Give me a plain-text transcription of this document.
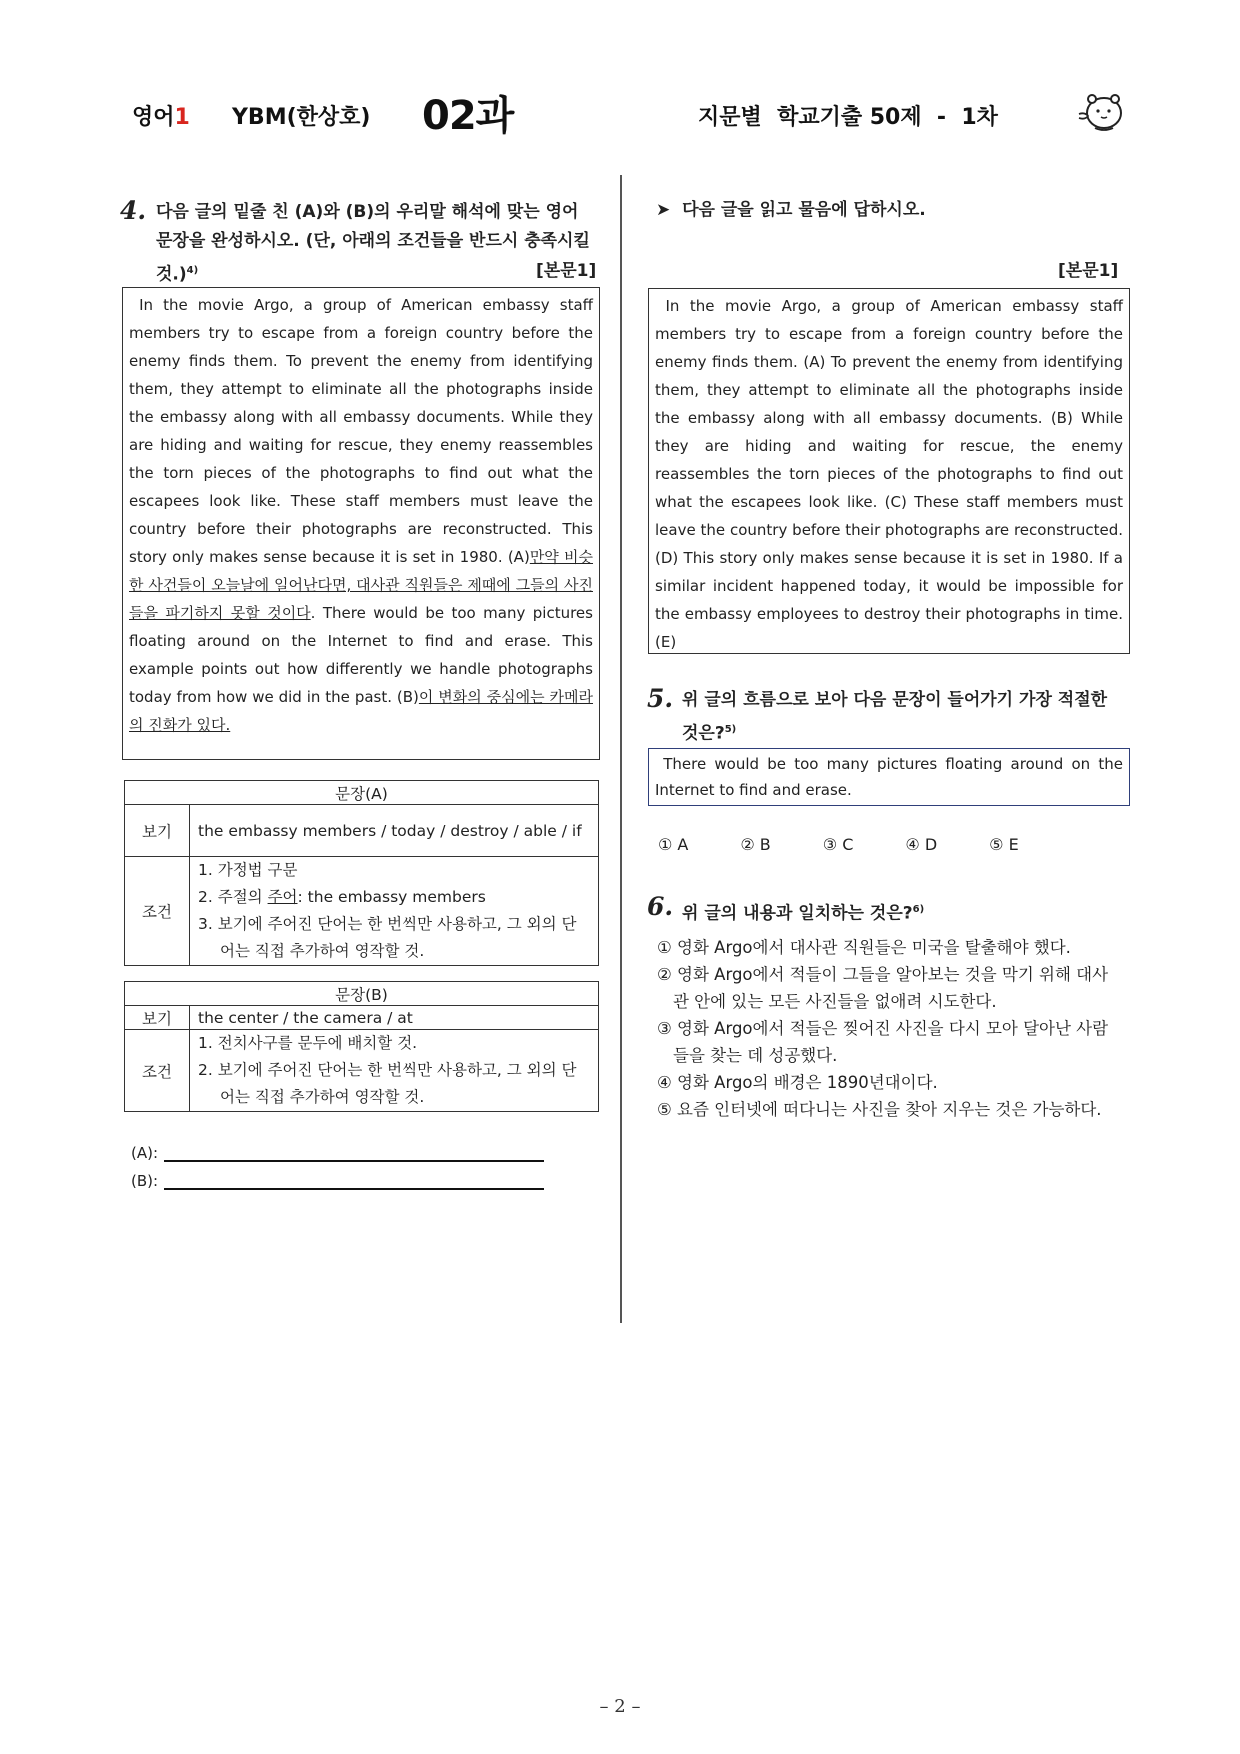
영어1 YBM(한상호) 02과	지문별  학교기출 50제  -  1차
4. 다음 글의 밑줄 친 (A)와 (B)의 우리말 해석에 맞는 영어 문장을 완성하시오. (단, 아래의 조건들을 반드시 충족시킬 것.)$^{4)}$	[본문1]
In the movie Argo, a group of American embassy staff members try to escape from a foreign country before the enemy finds them. To prevent the enemy from identifying them, they attempt to eliminate all the photographs inside the embassy along with all embassy documents. While they are hiding and waiting for rescue, they enemy reassembles the torn pieces of the photographs to find out what the escapees look like. These staff members must leave the country before their photographs are reconstructed. This story only makes sense because it is set in 1980. (A)만약 비슷한 사건들이 오늘날에 일어난다면, 대사관 직원들은 제때에 그들의 사진들을 파기하지 못할 것이다. There would be too many pictures floating around on the Internet to find and erase. This example points out how differently we handle photographs today from how we did in the past. (B)이 변화의 중심에는 카메라의 진화가 있다.
문장(A)	
보기	the embassy members / today / destroy / able / if
조건	1. 가정법 구문
2. 주절의 주어: the embassy members
3. 보기에 주어진 단어는 한 번씩만 사용하고, 그 외의 단어는 직접 추가하여 영작할 것.
문장(B)	
보기	the center / the camera / at
조건	1. 전치사구를 문두에 배치할 것.
2. 보기에 주어진 단어는 한 번씩만 사용하고, 그 외의 단어는 직접 추가하여 영작할 것.
(A):
(B):
➤  다음 글을 읽고 물음에 답하시오.
[본문1]
In the movie Argo, a group of American embassy staff members try to escape from a foreign country before the enemy finds them. (A) To prevent the enemy from identifying them, they attempt to eliminate all the photographs inside the embassy along with all embassy documents. (B) While they are hiding and waiting for rescue, the enemy reassembles the torn pieces of the photographs to find out what the escapees look like. (C) These staff members must leave the country before their photographs are reconstructed. (D) This story only makes sense because it is set in 1980. If a similar incident happened today, it would be impossible for the embassy employees to destroy their photographs in time. (E)
5. 위 글의 흐름으로 보아 다음 문장이 들어가기 가장 적절한 것은?$^{5)}$
There would be too many pictures floating around on the Internet to find and erase.
① A	② B	③ C	④ D	⑤ E
6. 위 글의 내용과 일치하는 것은?$^{6)}$
① 영화 Argo에서 대사관 직원들은 미국을 탈출해야 했다.
② 영화 Argo에서 적들이 그들을 알아보는 것을 막기 위해 대사관 안에 있는 모든 사진들을 없애려 시도한다.
③ 영화 Argo에서 적들은 찢어진 사진을 다시 모아 달아난 사람들을 찾는 데 성공했다.
④ 영화 Argo의 배경은 1890년대이다.
⑤ 요즘 인터넷에 떠다니는 사진을 찾아 지우는 것은 가능하다.
– 2 –
